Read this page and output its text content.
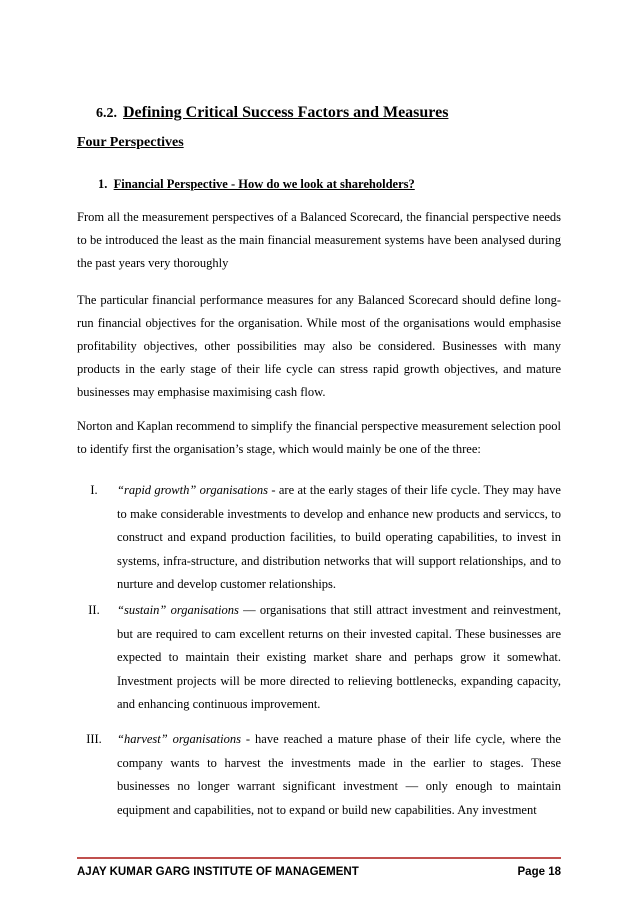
6.2. Defining Critical Success Factors and Measures
Four Perspectives
1. Financial Perspective - How do we look at shareholders?

From all the measurement perspectives of a Balanced Scorecard, the financial perspective needs to be introduced the least as the main financial measurement systems have been analysed during the past years very thoroughly

The particular financial performance measures for any Balanced Scorecard should define long-run financial objectives for the organisation. While most of the organisations would emphasise profitability objectives, other possibilities may also be considered. Businesses with many products in the early stage of their life cycle can stress rapid growth objectives, and mature businesses may emphasise maximising cash flow.

Norton and Kaplan recommend to simplify the financial perspective measurement selection pool to identify first the organisation’s stage, which would mainly be one of the three:

I.	“rapid growth” organisations - are at the early stages of their life cycle. They may have to make considerable investments to develop and enhance new products and servicсs, to construct and expand production facilities, to build operating capabilities, to invest in systems, infra-structure, and distribution networks that will support relationships, and to nurture and develop customer relationships.
II.	“sustain” organisations — organisations that still attract investment and reinvestment, but are required to cam excellent returns on their invested capital. These businesses are expected to maintain their existing market share and perhaps grow it somewhat. Investment projects will be more directed to relieving bottlenecks, expanding capacity, and enhancing continuous improvement.
III.	“harvest” organisations - have reached a mature phase of their life cycle, where the company wants to harvest the investments made in the earlier to stages. These businesses no longer warrant significant investment — only enough to maintain equipment and capabilities, not to expand or build new capabilities. Any investment
AJAY KUMAR GARG INSTITUTE OF MANAGEMENT	Page 18
